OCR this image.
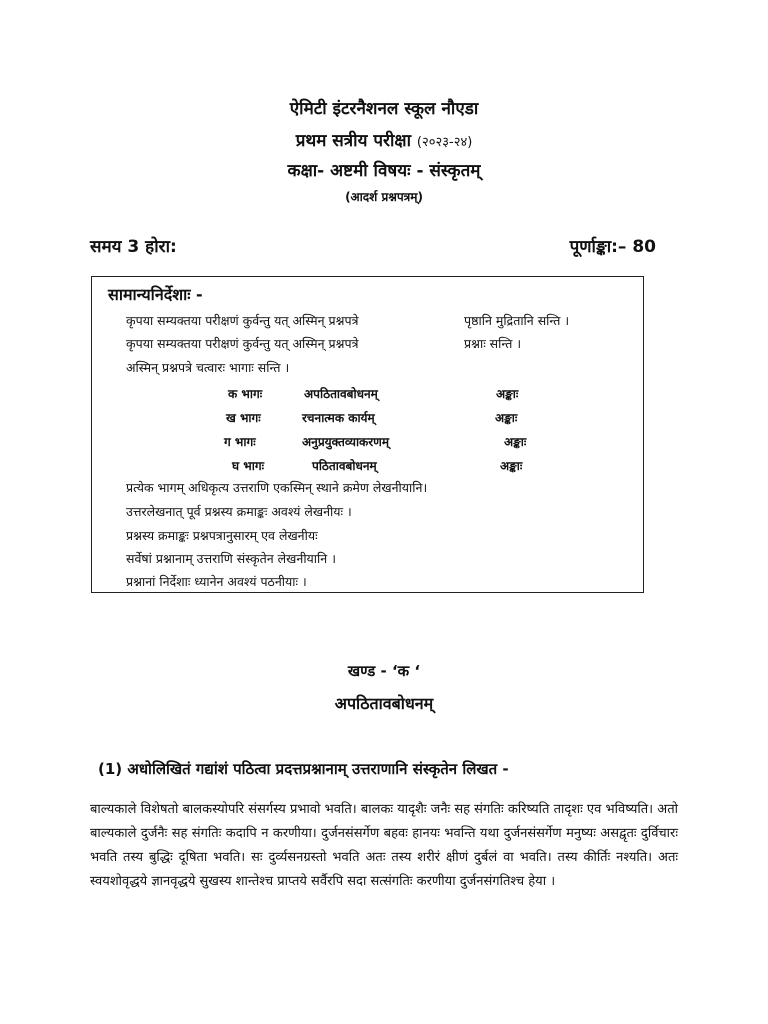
ऐमिटी इंटरनैशनल स्कूल नौएडा
प्रथम सत्रीय परीक्षा (२०२३-२४)
कक्षा- अष्टमी विषयः - संस्कृतम्
(आदर्श प्रश्नपत्रम्)
समय 3 होरा:	पूर्णाङ्का:– 80
सामान्यनिर्देशाः -
कृपया सम्यक्तया परीक्षणं कुर्वन्तु यत् अस्मिन् प्रश्नपत्रे	पृष्ठानि मुद्रितानि सन्ति ।
कृपया सम्यक्तया परीक्षणं कुर्वन्तु यत् अस्मिन् प्रश्नपत्रे	प्रश्नाः सन्ति ।
अस्मिन् प्रश्नपत्रे चत्वारः भागाः सन्ति ।
क भागः	अपठितावबोधनम्	अङ्काः
ख भागः	रचनात्मक कार्यम्	अङ्काः
ग भागः	अनुप्रयुक्तव्याकरणम्	अङ्काः
घ भागः	पठितावबोधनम्	अङ्काः
प्रत्येक भागम् अधिकृत्य उत्तराणि एकस्मिन् स्थाने क्रमेण लेखनीयानि।
उत्तरलेखनात् पूर्व प्रश्नस्य क्रमाङ्कः अवश्यं लेखनीयः ।
प्रश्नस्य क्रमाङ्कः प्रश्नपत्रानुसारम् एव लेखनीयः
सर्वेषां प्रश्नानाम् उत्तराणि संस्कृतेन लेखनीयानि ।
प्रश्नानां निर्देशाः ध्यानेन अवश्यं पठनीयाः ।
खण्ड - ‘क ‘
अपठितावबोधनम्
(1) अधोलिखितं गद्यांशं पठित्वा प्रदत्तप्रश्नानाम् उत्तराणानि संस्कृतेन लिखत -
बाल्यकाले विशेषतो बालकस्योपरि संसर्गस्य प्रभावो भवति। बालकः यादृशैः जनैः सह संगतिः करिष्यति तादृशः एव भविष्यति। अतो बाल्यकाले दुर्जनैः सह संगतिः कदापि न करणीया। दुर्जनसंसर्गेण बहवः हानयः भवन्ति यथा दुर्जनसंसर्गेण मनुष्यः असद्वृतः दुर्विचारः भवति तस्य बुद्धिः दूषिता भवति। सः दुर्व्यसनग्रस्तो भवति अतः तस्य शरीरं क्षीणं दुर्बलं वा भवति। तस्य कीर्तिः नश्यति। अतः स्वयशोवृद्धये ज्ञानवृद्धये सुखस्य शान्तेश्च प्राप्तये सर्वैरपि सदा सत्संगतिः करणीया दुर्जनसंगतिश्च हेया ।
